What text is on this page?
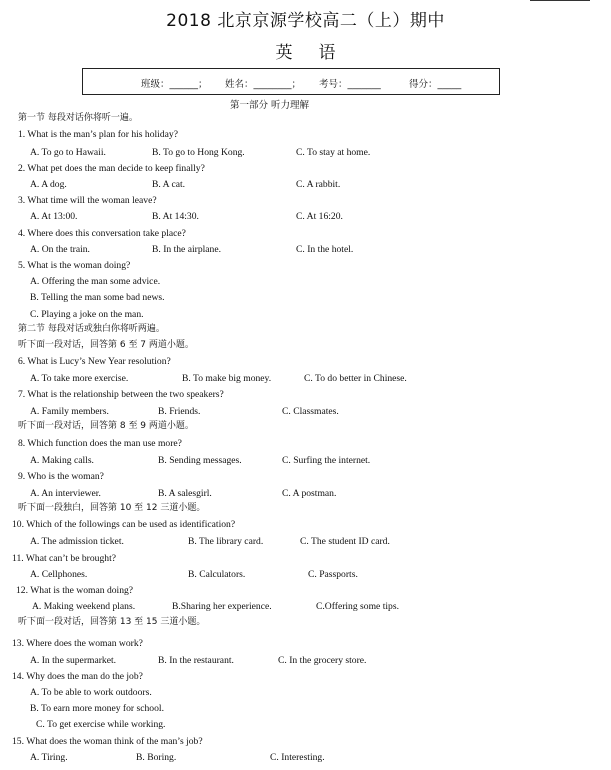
2018 北京京源学校高二（上）期中
英语
班级：______； 姓名：________； 考号：_______	得分：_____
第一部分 听力理解
第一节 每段对话你将听一遍。
1. What is the man’s plan for his holiday?
A. To go to Hawaii.	B. To go to Hong Kong.	C. To stay at home.
2. What pet does the man decide to keep finally?
A. A dog.	B. A cat.	C. A rabbit.
3. What time will the woman leave?
A. At 13:00.	B. At 14:30.	C. At 16:20.
4. Where does this conversation take place?
A. On the train.	B. In the airplane.	C. In the hotel.
5. What is the woman doing?
A. Offering the man some advice.
B. Telling the man some bad news.
C. Playing a joke on the man.
第二节 每段对话或独白你将听两遍。
听下面一段对话，回答第 6 至 7 两道小题。
6. What is Lucy’s New Year resolution?
A. To take more exercise.	B. To make big money.	C. To do better in Chinese.
7. What is the relationship between the two speakers?
A. Family members.	B. Friends.	C. Classmates.
听下面一段对话，回答第 8 至 9 两道小题。
8. Which function does the man use more?
A. Making calls.	B. Sending messages.	C. Surfing the internet.
9. Who is the woman?
A. An interviewer.	B. A salesgirl.	C. A postman.
听下面一段独白，回答第 10 至 12 三道小题。
10. Which of the followings can be used as identification?
A. The admission ticket.	B. The library card.	C. The student ID card.
11. What can’t be brought?
A. Cellphones.	B. Calculators.	C. Passports.
12. What is the woman doing?
A. Making weekend plans.	B.Sharing her experience.	C.Offering some tips.
听下面一段对话，回答第 13 至 15 三道小题。
13. Where does the woman work?
A. In the supermarket.	B. In the restaurant.	C. In the grocery store.
14. Why does the man do the job?
A. To be able to work outdoors.
B. To earn more money for school.
C. To get exercise while working.
15. What does the woman think of the man’s job?
A. Tiring.	B. Boring.	C. Interesting.
